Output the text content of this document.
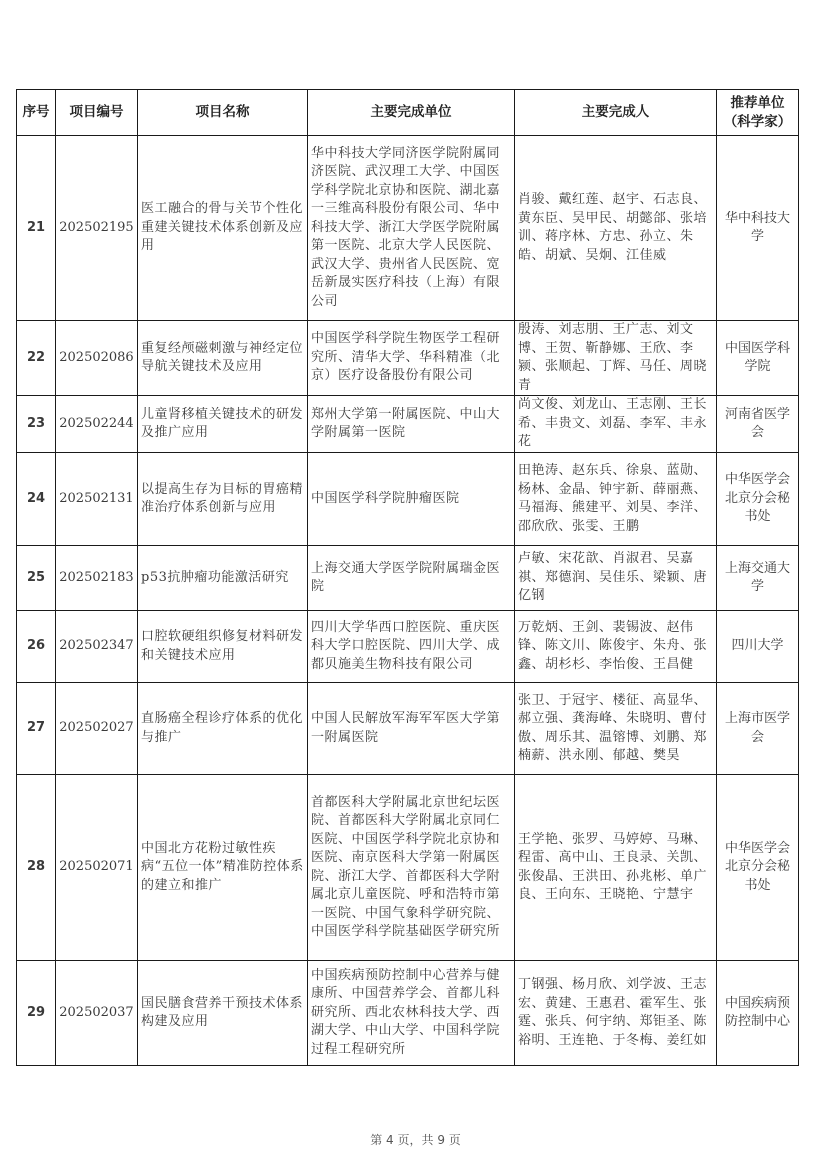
序号	项目编号	项目名称	主要完成单位	主要完成人	推荐单位（科学家）
21	202502195	医工融合的骨与关节个性化重建关键技术体系创新及应用	华中科技大学同济医学院附属同济医院、武汉理工大学、中国医学科学院北京协和医院、湖北嘉一三维高科股份有限公司、华中科技大学、浙江大学医学院附属第一医院、北京大学人民医院、武汉大学、贵州省人民医院、宽岳新晟实医疗科技（上海）有限公司	肖骏、戴红莲、赵宇、石志良、黄东臣、吴甲民、胡懿郃、张培训、蒋序林、方忠、孙立、朱皓、胡斌、吴炯、江佳威	华中科技大学
22	202502086	重复经颅磁刺激与神经定位导航关键技术及应用	中国医学科学院生物医学工程研究所、清华大学、华科精准（北京）医疗设备股份有限公司	殷涛、刘志朋、王广志、刘文博、王贺、靳静娜、王欣、李颍、张顺起、丁辉、马任、周晓青	中国医学科学院
23	202502244	儿童肾移植关键技术的研发及推广应用	郑州大学第一附属医院、中山大学附属第一医院	尚文俊、刘龙山、王志刚、王长希、丰贵文、刘磊、李军、丰永花	河南省医学会
24	202502131	以提高生存为目标的胃癌精准治疗体系创新与应用	中国医学科学院肿瘤医院	田艳涛、赵东兵、徐泉、蓝勋、杨林、金晶、钟宇新、薛丽燕、马福海、熊建平、刘昊、李洋、邵欣欣、张雯、王鹏	中华医学会北京分会秘书处
25	202502183	p53抗肿瘤功能激活研究	上海交通大学医学院附属瑞金医院	卢敏、宋花歆、肖淑君、吴嘉祺、郑德润、吴佳乐、梁颖、唐亿钢	上海交通大学
26	202502347	口腔软硬组织修复材料研发和关键技术应用	四川大学华西口腔医院、重庆医科大学口腔医院、四川大学、成都贝施美生物科技有限公司	万乾炳、王剑、裴锡波、赵伟锋、陈文川、陈俊宇、朱舟、张鑫、胡杉杉、李怡俊、王昌健	四川大学
27	202502027	直肠癌全程诊疗体系的优化与推广	中国人民解放军海军军医大学第一附属医院	张卫、于冠宇、楼征、高显华、郝立强、龚海峰、朱晓明、曹付傲、周乐其、温镕博、刘鹏、郑楠薪、洪永刚、郁越、樊昊	上海市医学会
28	202502071	中国北方花粉过敏性疾病“五位一体”精准防控体系的建立和推广	首都医科大学附属北京世纪坛医院、首都医科大学附属北京同仁医院、中国医学科学院北京协和医院、南京医科大学第一附属医院、浙江大学、首都医科大学附属北京儿童医院、呼和浩特市第一医院、中国气象科学研究院、中国医学科学院基础医学研究所	王学艳、张罗、马婷婷、马琳、程雷、高中山、王良录、关凯、张俊晶、王洪田、孙兆彬、单广良、王向东、王晓艳、宁慧宇	中华医学会北京分会秘书处
29	202502037	国民膳食营养干预技术体系构建及应用	中国疾病预防控制中心营养与健康所、中国营养学会、首都儿科研究所、西北农林科技大学、西湖大学、中山大学、中国科学院过程工程研究所	丁钢强、杨月欣、刘学波、王志宏、黄建、王惠君、霍军生、张霆、张兵、何宇纳、郑钜圣、陈裕明、王连艳、于冬梅、姜红如	中国疾病预防控制中心
第 4 页，共 9 页
